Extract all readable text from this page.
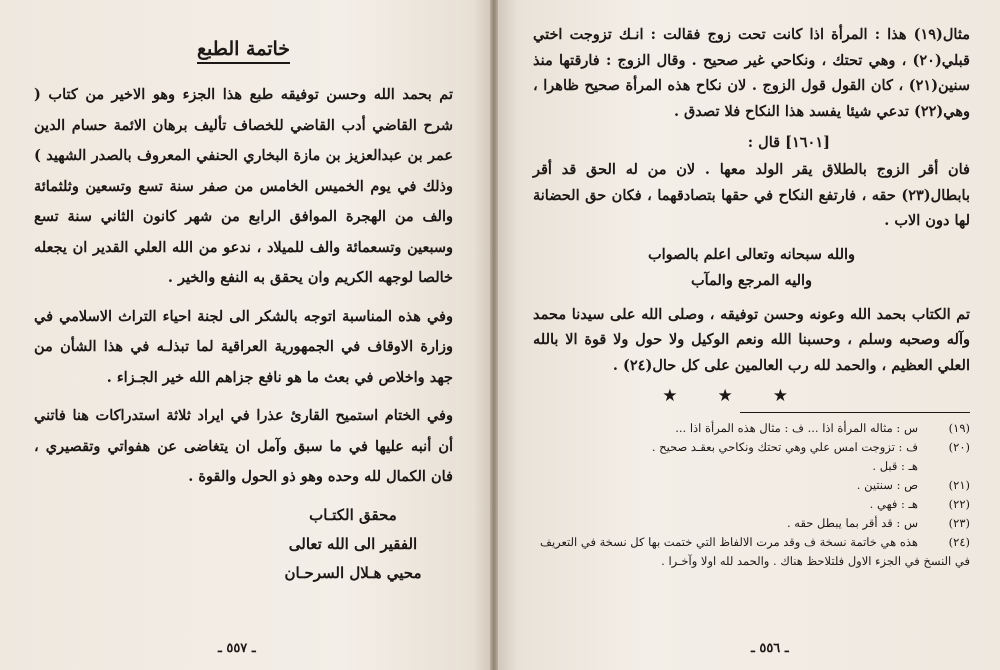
خاتمة الطبع

تم بحمد الله وحسن توفيقه طبع هذا الجزء وهو الاخير من كتاب ( شرح القاضي أدب القاضي للخصاف تأليف برهان الائمة حسام الدين عمر بن عبدالعزيز بن مازة البخاري الحنفي المعروف بالصدر الشهيد ) وذلك في يوم الخميس الخامس من صفر سنة تسع وتسعين وثلثمائة والف من الهجرة الموافق الرابع من شهر كانون الثاني سنة تسع وسبعين وتسعمائة والف للميلاد ، ندعو من الله العلي القدير ان يجعله خالصا لوجهه الكريم وان يحقق به النفع والخير .

وفي هذه المناسبة اتوجه بالشكر الى لجنة احياء التراث الاسلامي في وزارة الاوقاف في الجمهورية العراقية لما تبذلـه في هذا الشأن من جهد واخلاص في بعث ما هو نافع جزاهم الله خير الجـزاء .

وفي الختام استميح القارئ عذرا في ايراد ثلاثة استدراكات هنا فاتني أن أنبه عليها في ما سبق وآمل ان يتغاضى عن هفواتي وتقصيري ، فان الكمال لله وحده وهو ذو الحول والقوة .

محقق الكتـاب
الفقير الى الله تعالى
محيي هـلال السرحـان
ـ ٥٥٧ ـ

مثال(١٩) هذا : المرأة اذا كانت تحت زوج فقالت : انـك تزوجت اختي قبلي(٢٠) ، وهي تحتك ، ونكاحي غير صحيح . وقال الزوج : فارقتها منذ سنين(٢١) ، كان القول قول الزوج . لان نكاح هذه المرأة صحيح ظاهرا ، وهي(٢٢) تدعي شيئا يفسد هذا النكاح فلا تصدق .

[١٦٠١] قال :

فان أقر الزوج بالطلاق يقر الولد معها . لان من له الحق قد أقر بابطال(٢٣) حقه ، فارتفع النكاح في حقها بتصادقهما ، فكان حق الحضانة لها دون الاب .

والله سبحانه وتعالى اعلم بالصواب
واليه المرجع والمآب

تم الكتاب بحمد الله وعونه وحسن توفيقه ، وصلى الله على سيدنا محمد وآله وصحبه وسلم ، وحسبنا الله ونعم الوكيل ولا حول ولا قوة الا بالله العلي العظيم ، والحمد لله رب العالمين على كل حال(٢٤) .

★
★
★

(١٩)س : مثاله المرأة اذا ... ف : مثال هذه المرأة اذا ...

(٢٠)ف : تزوجت امس علي وهي تحتك ونكاحي بعقـد صحيح .

هـ : قبل .

(٢١)ص : سنتين .

(٢٢)هـ : فهي .

(٢٣)س : قد أقر بما يبطل حقه .

(٢٤)هذه هي خاتمة نسخة ف وقد مرت الالفاظ التي ختمت بها كل نسخة في التعريف في النسخ في الجزء الاول فلتلاحظ هناك . والحمد لله اولا وآخـرا .

ـ ٥٥٦ ـ
